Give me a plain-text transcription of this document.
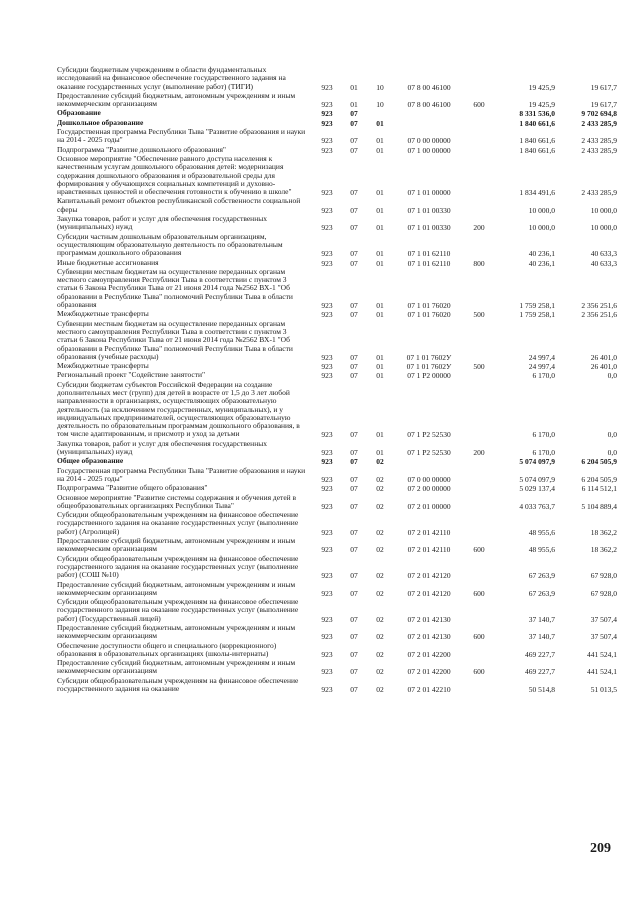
Субсидии бюджетным учреждениям в области фундаментальных исследований на финансовое обеспечение государственного задания на оказание государственных услуг (выполнение работ) (ТИГИ)	923	01	10	07 8 00 46100		19 425,9	19 617,7
Предоставление субсидий бюджетным, автономным учреждениям и иным некоммерческим организациям	923	01	10	07 8 00 46100	600	19 425,9	19 617,7
Образование	923	07				8 331 536,0	9 702 694,8
Дошкольное образование	923	07	01			1 840 661,6	2 433 285,9
Государственная программа Республики Тыва "Развитие образования и науки на 2014 - 2025 годы"	923	07	01	07 0 00 00000		1 840 661,6	2 433 285,9
Подпрограмма "Развитие дошкольного образования"	923	07	01	07 1 00 00000		1 840 661,6	2 433 285,9
Основное мероприятие "Обеспечение равного доступа населения к качественным услугам дошкольного образования детей: модернизация содержания дошкольного образования и образовательной среды для формирования у обучающихся социальных компетенций и духовно-нравственных ценностей и обеспечения готовности к обучению в школе"	923	07	01	07 1 01 00000		1 834 491,6	2 433 285,9
Капитальный ремонт объектов республиканской собственности социальной сферы	923	07	01	07 1 01 00330		10 000,0	10 000,0
Закупка товаров, работ и услуг для обеспечения государственных (муниципальных) нужд	923	07	01	07 1 01 00330	200	10 000,0	10 000,0
Субсидии частным дошкольным образовательным организациям, осуществляющим образовательную деятельность по образовательным программам дошкольного образования	923	07	01	07 1 01 62110		40 236,1	40 633,3
Иные бюджетные ассигнования	923	07	01	07 1 01 62110	800	40 236,1	40 633,3
Субвенции местным бюджетам на осуществление переданных органам местного самоуправления Республики Тыва в соответствии с пунктом 3 статьи 6 Закона Республики Тыва от 21 июня 2014 года №2562 ВХ-1 "Об образовании в Республике Тыва" полномочий Республики Тыва в области образования	923	07	01	07 1 01 76020		1 759 258,1	2 356 251,6
Межбюджетные трансферты	923	07	01	07 1 01 76020	500	1 759 258,1	2 356 251,6
Субвенции местным бюджетам на осуществление переданных органам местного самоуправления Республики Тыва в соответствии с пунктом 3 статьи 6 Закона Республики Тыва от 21 июня 2014 года №2562 ВХ-1 "Об образовании в Республике Тыва" полномочий Республики Тыва в области образования (учебные расходы)	923	07	01	07 1 01 7602У		24 997,4	26 401,0
Межбюджетные трансферты	923	07	01	07 1 01 7602У	500	24 997,4	26 401,0
Региональный проект "Содействие занятости"	923	07	01	07 1 Р2 00000		6 170,0	0,0
Субсидии бюджетам субъектов Российской Федерации на создание дополнительных мест (групп) для детей в возрасте от 1,5 до 3 лет любой направленности в организациях, осуществляющих образовательную деятельность (за исключением государственных, муниципальных), и у индивидуальных предпринимателей, осуществляющих образовательную деятельность по образовательным программам дошкольного образования, в том числе адаптированным, и присмотр и уход за детьми	923	07	01	07 1 Р2 52530		6 170,0	0,0
Закупка товаров, работ и услуг для обеспечения государственных (муниципальных) нужд	923	07	01	07 1 Р2 52530	200	6 170,0	0,0
Общее образование	923	07	02			5 074 097,9	6 204 505,9
Государственная программа Республики Тыва "Развитие образования и науки на 2014 - 2025 годы"	923	07	02	07 0 00 00000		5 074 097,9	6 204 505,9
Подпрограмма "Развитие общего образования"	923	07	02	07 2 00 00000		5 029 137,4	6 114 512,1
Основное мероприятие "Развитие системы содержания и обучения детей в общеобразовательных организациях Республики Тыва"	923	07	02	07 2 01 00000		4 033 763,7	5 104 889,4
Субсидии общеобразовательным учреждениям на финансовое обеспечение государственного задания на оказание государственных услуг (выполнение работ) (Агролицей)	923	07	02	07 2 01 42110		48 955,6	18 362,2
Предоставление субсидий бюджетным, автономным учреждениям и иным некоммерческим организациям	923	07	02	07 2 01 42110	600	48 955,6	18 362,2
Субсидии общеобразовательным учреждениям на финансовое обеспечение государственного задания на оказание государственных услуг (выполнение работ) (СОШ №10)	923	07	02	07 2 01 42120		67 263,9	67 928,0
Предоставление субсидий бюджетным, автономным учреждениям и иным некоммерческим организациям	923	07	02	07 2 01 42120	600	67 263,9	67 928,0
Субсидии общеобразовательным учреждениям на финансовое обеспечение государственного задания на оказание государственных услуг (выполнение работ) (Государственный лицей)	923	07	02	07 2 01 42130		37 140,7	37 507,4
Предоставление субсидий бюджетным, автономным учреждениям и иным некоммерческим организациям	923	07	02	07 2 01 42130	600	37 140,7	37 507,4
Обеспечение доступности общего и специального (коррекционного) образования в образовательных организациях (школы-интернаты)	923	07	02	07 2 01 42200		469 227,7	441 524,1
Предоставление субсидий бюджетным, автономным учреждениям и иным некоммерческим организациям	923	07	02	07 2 01 42200	600	469 227,7	441 524,1
Субсидии общеобразовательным учреждениям на финансовое обеспечение государственного задания на оказание	923	07	02	07 2 01 42210		50 514,8	51 013,5
209
